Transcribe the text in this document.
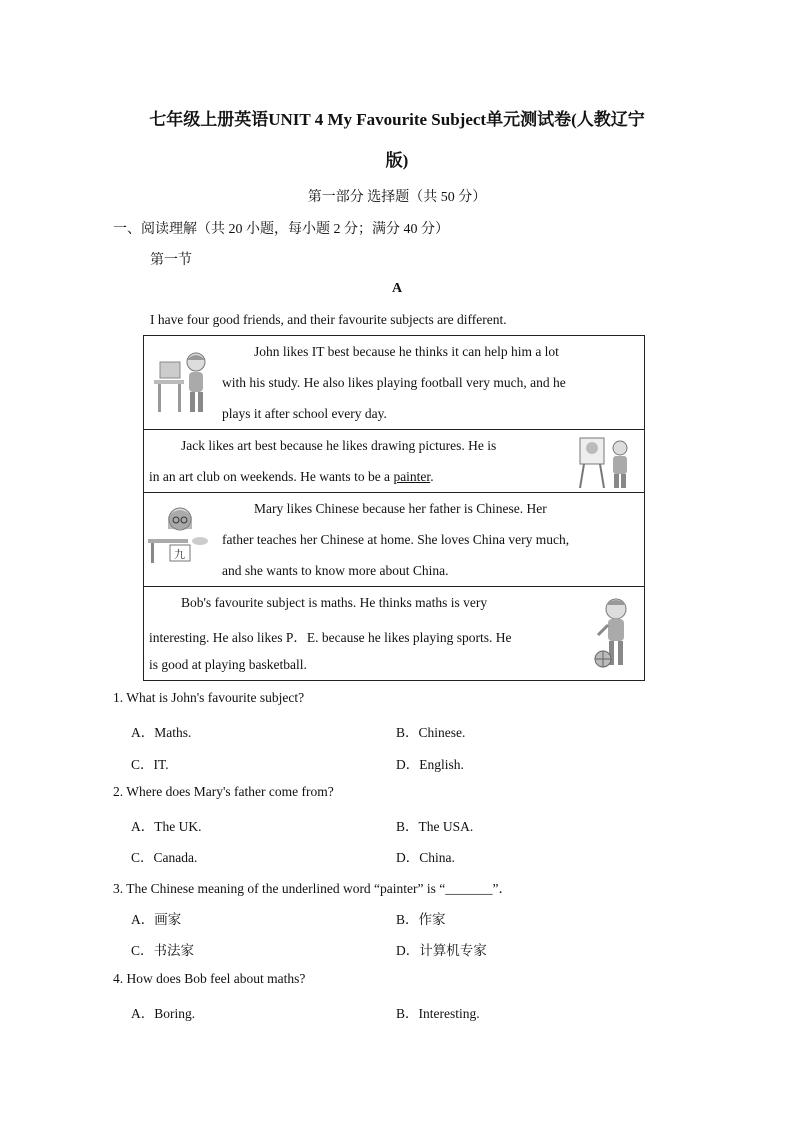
七年级上册英语UNIT 4 My Favourite Subject单元测试卷(人教辽宁
版)
第一部分 选择题（共 50 分）
一、阅读理解（共 20 小题，每小题 2 分；满分 40 分）
第一节
A
I have four good friends, and their favourite subjects are different.
John likes IT best because he thinks it can help him a lot
with his study. He also likes playing football very much, and he
plays it after school every day.
Jack likes art best because he likes drawing pictures. He is
in an art club on weekends. He wants to be a painter.
九
Mary likes Chinese because her father is Chinese. Her
father teaches her Chinese at home. She loves China very much,
and she wants to know more about China.
Bob's favourite subject is maths. He thinks maths is very
interesting. He also likes P．E. because he likes playing sports. He
is good at playing basketball.
1. What is John's favourite subject?
A．Maths.	B．Chinese.
C．IT.	D．English.
2. Where does Mary's father come from?
A．The UK.	B．The USA.
C．Canada.	D．China.
3. The Chinese meaning of the underlined word “painter” is “_______”．
A．画家	B．作家
C．书法家	D．计算机专家
4. How does Bob feel about maths?
A．Boring.	B．Interesting.
